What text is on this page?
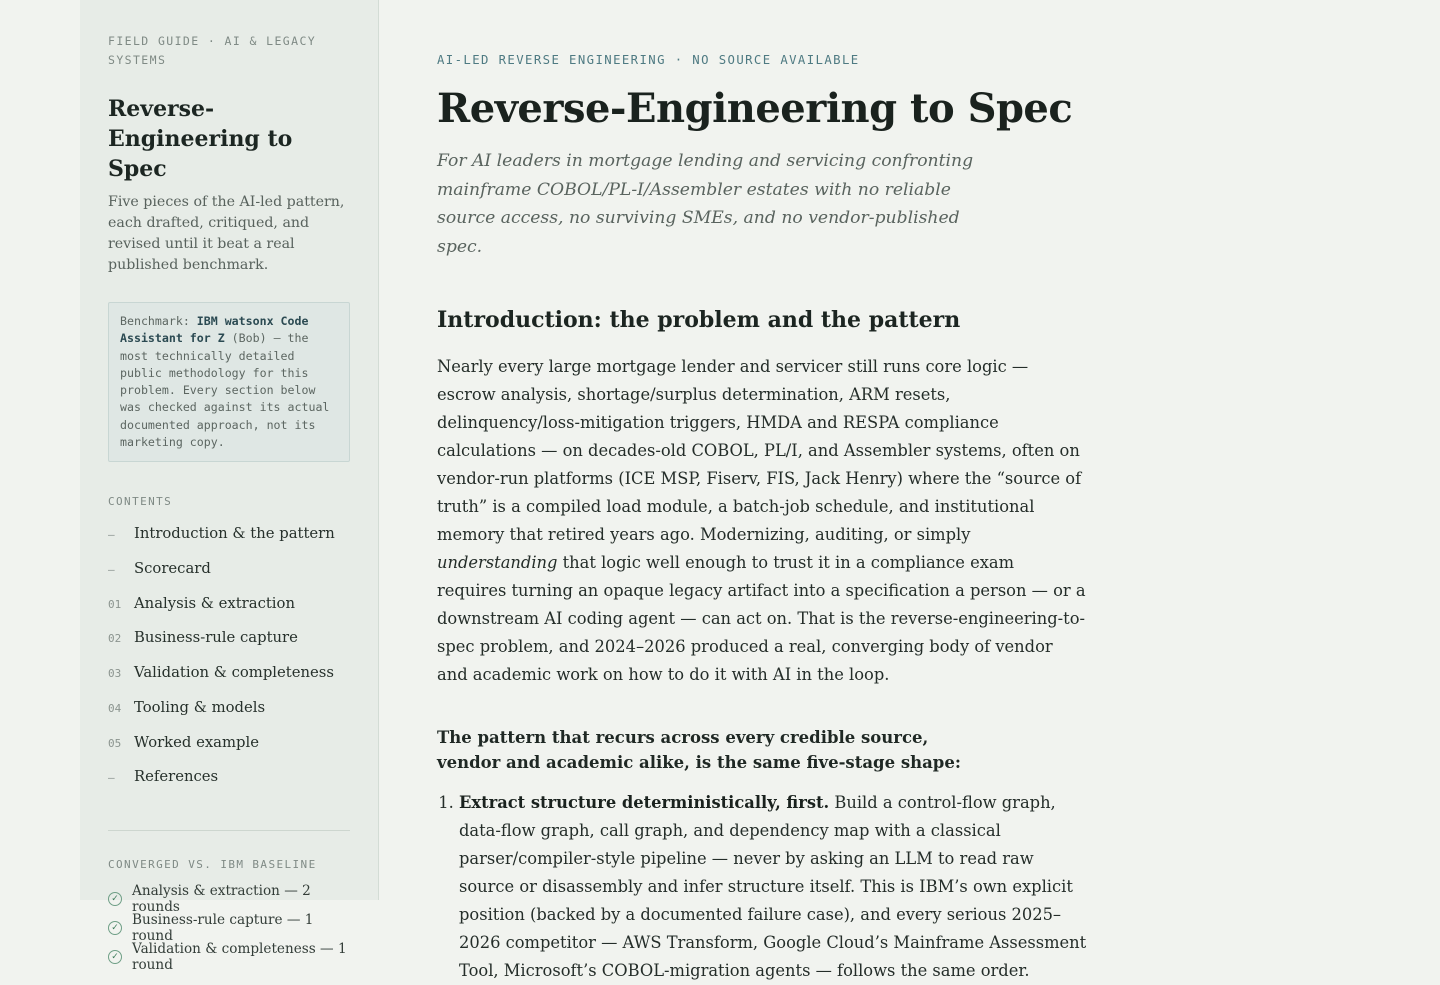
FIELD GUIDE · AI & LEGACY SYSTEMS
Reverse-Engineering to Spec

Five pieces of the AI-led pattern, each drafted, critiqued, and revised until it beat a real published benchmark.

Benchmark: IBM watsonx Code Assistant for Z (Bob) — the most technically detailed public methodology for this problem. Every section below was checked against its actual documented approach, not its marketing copy.
CONTENTS
–	Introduction & the pattern
–	Scorecard
01 Analysis & extraction
02 Business-rule capture
03 Validation & completeness
04 Tooling & models
05 Worked example
–	References
CONVERGED VS. IBM BASELINE
✓ Analysis & extraction — 2 rounds
✓ Business-rule capture — 1 round
✓ Validation & completeness — 1 round
AI-LED REVERSE ENGINEERING · NO SOURCE AVAILABLE
Reverse-Engineering to Spec

For AI leaders in mortgage lending and servicing confronting mainframe COBOL/PL-I/Assembler estates with no reliable source access, no surviving SMEs, and no vendor-published spec.

Introduction: the problem and the pattern

Nearly every large mortgage lender and servicer still runs core logic — escrow analysis, shortage/surplus determination, ARM resets, delinquency/loss-mitigation triggers, HMDA and RESPA compliance calculations — on decades-old COBOL, PL/I, and Assembler systems, often on vendor-run platforms (ICE MSP, Fiserv, FIS, Jack Henry) where the “source of truth” is a compiled load module, a batch-job schedule, and institutional memory that retired years ago. Modernizing, auditing, or simply understanding that logic well enough to trust it in a compliance exam requires turning an opaque legacy artifact into a specification a person — or a downstream AI coding agent — can act on. That is the reverse-engineering-to-spec problem, and 2024–2026 produced a real, converging body of vendor and academic work on how to do it with AI in the loop.

The pattern that recurs across every credible source,
vendor and academic alike, is the same five-stage shape:

1. Extract structure deterministically, first. Build a control-flow graph, data-flow graph, call graph, and dependency map with a classical parser/compiler-style pipeline — never by asking an LLM to read raw source or disassembly and infer structure itself. This is IBM’s own explicit position (backed by a documented failure case), and every serious 2025–2026 competitor — AWS Transform, Google Cloud’s Mainframe Assessment Tool, Microsoft’s COBOL-migration agents — follows the same order.
